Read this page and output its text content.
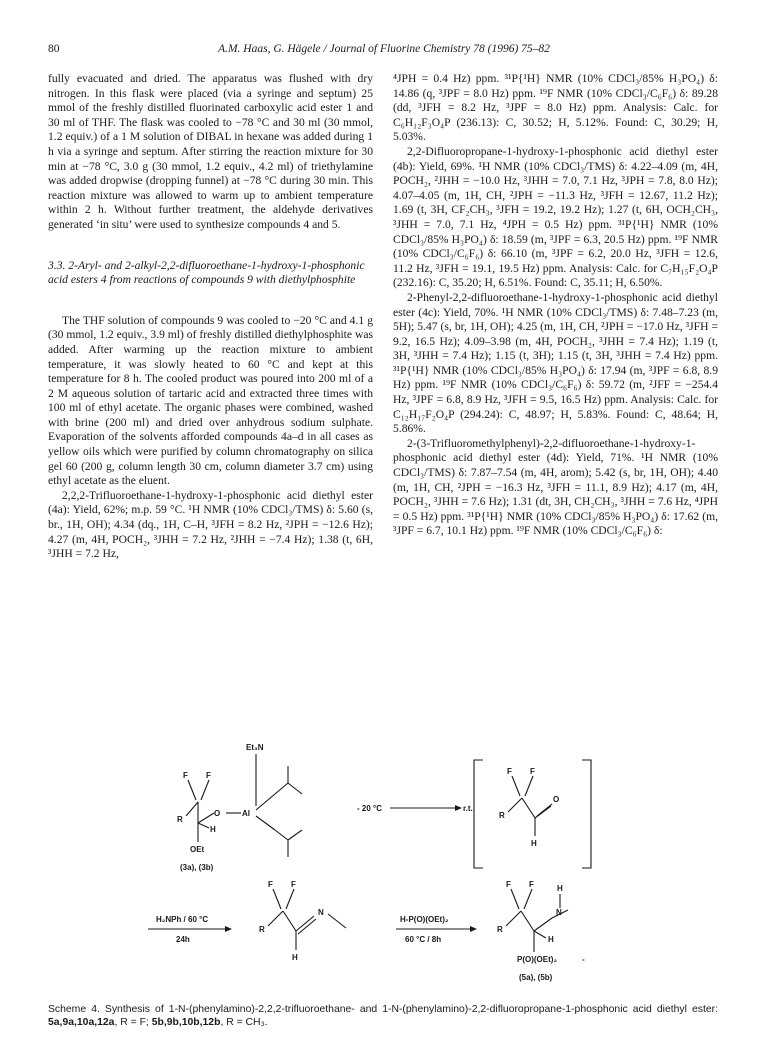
80	A.M. Haas, G. Hägele / Journal of Fluorine Chemistry 78 (1996) 75–82

fully evacuated and dried. The apparatus was flushed with dry nitrogen. In this flask were placed (via a syringe and septum) 25 mmol of the freshly distilled fluorinated carboxylic acid ester 1 and 30 ml of THF. The flask was cooled to −78 °C and 30 ml (30 mmol, 1.2 equiv.) of a 1 M solution of DIBAL in hexane was added during 1 h via a syringe and septum. After stirring the reaction mixture for 30 min at −78 °C, 3.0 g (30 mmol, 1.2 equiv., 4.2 ml) of triethylamine was added dropwise (dropping funnel) at −78 °C during 30 min. This reaction mixture was allowed to warm up to ambient temperature within 2 h. Without further treatment, the aldehyde derivatives generated ‘in situ’ were used to synthesize compounds 4 and 5.

3.3. 2-Aryl- and 2-alkyl-2,2-difluoroethane-1-hydroxy-1-phosphonic acid esters 4 from reactions of compounds 9 with diethylphosphite

The THF solution of compounds 9 was cooled to −20 °C and 4.1 g (30 mmol, 1.2 equiv., 3.9 ml) of freshly distilled diethylphosphite was added. After warming up the reaction mixture to ambient temperature, it was slowly heated to 60 °C and kept at this temperature for 8 h. The cooled product was poured into 200 ml of a 2 M aqueous solution of tartaric acid and extracted three times with 100 ml of ethyl acetate. The organic phases were combined, washed with brine (200 ml) and dried over anhydrous sodium sulphate. Evaporation of the solvents afforded compounds 4a–d in all cases as yellow oils which were purified by column chromatography on silica gel 60 (200 g, column length 30 cm, column diameter 3.7 cm) using ethyl acetate as the eluent.

2,2,2-Trifluoroethane-1-hydroxy-1-phosphonic acid diethyl ester (4a): Yield, 62%; m.p. 59 °C. ¹H NMR (10% CDCl₃/TMS) δ: 5.60 (s, br., 1H, OH); 4.34 (dq., 1H, C–H, ³JFH = 8.2 Hz, ²JPH = −12.6 Hz); 4.27 (m, 4H, POCH₂, ³JHH = 7.2 Hz, ²JHH = −7.4 Hz); 1.38 (t, 6H, ³JHH = 7.2 Hz,

⁴JPH = 0.4 Hz) ppm. ³¹P{¹H} NMR (10% CDCl₃/85% H₃PO₄) δ: 14.86 (q, ³JPF = 8.0 Hz) ppm. ¹⁹F NMR (10% CDCl₃/C₆F₆) δ: 89.28 (dd, ³JFH = 8.2 Hz, ³JPF = 8.0 Hz) ppm. Analysis: Calc. for C₆H₁₂F₃O₄P (236.13): C, 30.52; H, 5.12%. Found: C, 30.29; H, 5.03%.

2,2-Difluoropropane-1-hydroxy-1-phosphonic acid diethyl ester (4b): Yield, 69%. ¹H NMR (10% CDCl₃/TMS) δ: 4.22–4.09 (m, 4H, POCH₂, ²JHH = −10.0 Hz, ³JHH = 7.0, 7.1 Hz, ³JPH = 7.8, 8.0 Hz); 4.07–4.05 (m, 1H, CH, ²JPH = −11.3 Hz, ³JFH = 12.67, 11.2 Hz); 1.69 (t, 3H, CF₂CH₃, ³JFH = 19.2, 19.2 Hz); 1.27 (t, 6H, OCH₂CH₃, ³JHH = 7.0, 7.1 Hz, ⁴JPH = 0.5 Hz) ppm. ³¹P{¹H} NMR (10% CDCl₃/85% H₃PO₄) δ: 18.59 (m, ³JPF = 6.3, 20.5 Hz) ppm. ¹⁹F NMR (10% CDCl₃/C₆F₆) δ: 66.10 (m, ³JPF = 6.2, 20.0 Hz, ³JFH = 12.6, 11.2 Hz, ³JFH = 19.1, 19.5 Hz) ppm. Analysis: Calc. for C₇H₁₅F₂O₄P (232.16): C, 35.20; H, 6.51%. Found: C, 35.11; H, 6.50%.

2-Phenyl-2,2-difluoroethane-1-hydroxy-1-phosphonic acid diethyl ester (4c): Yield, 70%. ¹H NMR (10% CDCl₃/TMS) δ: 7.48–7.23 (m, 5H); 5.47 (s, br, 1H, OH); 4.25 (m, 1H, CH, ²JPH = −17.0 Hz, ³JFH = 9.2, 16.5 Hz); 4.09–3.98 (m, 4H, POCH₂, ³JHH = 7.4 Hz); 1.19 (t, 3H, ³JHH = 7.4 Hz); 1.15 (t, 3H); 1.15 (t, 3H, ³JHH = 7.4 Hz) ppm. ³¹P{¹H} NMR (10% CDCl₃/85% H₃PO₄) δ: 17.94 (m, ³JPF = 6.8, 8.9 Hz) ppm. ¹⁹F NMR (10% CDCl₃/C₆F₆) δ: 59.72 (m, ²JFF = −254.4 Hz, ³JPF = 6.8, 8.9 Hz, ³JFH = 9.5, 16.5 Hz) ppm. Analysis: Calc. for C₁₂H₁₇F₂O₄P (294.24): C, 48.97; H, 5.83%. Found: C, 48.64; H, 5.86%.

2-(3-Trifluoromethylphenyl)-2,2-difluoroethane-1-hydroxy-1-phosphonic acid diethyl ester (4d): Yield, 71%. ¹H NMR (10% CDCl₃/TMS) δ: 7.87–7.54 (m, 4H, arom); 5.42 (s, br, 1H, OH); 4.40 (m, 1H, CH, ²JPH = −16.3 Hz, ³JFH = 11.1, 8.9 Hz); 4.17 (m, 4H, POCH₂, ³JHH = 7.6 Hz); 1.31 (dt, 3H, CH₂CH₃, ³JHH = 7.6 Hz, ⁴JPH = 0.5 Hz) ppm. ³¹P{¹H} NMR (10% CDCl₃/85% H₃PO₄) δ: 17.62 (m, ³JPF = 6.7, 10.1 Hz) ppm. ¹⁹F NMR (10% CDCl₃/C₆F₆) δ:

Et₃N
F F
R
O	Al
H
OEt
(3a), (3b)
- 20 °C	r.t.
F F
R
O
H
H₂NPh / 60 °C
24h
F F
R
N
H
H-P(O)(OEt)₂
60 °C / 8h
F F
R
H
N
H
P(O)(OEt)₂
(5a), (5b)
-
Scheme 4. Synthesis of 1-N-(phenylamino)-2,2,2-trifluoroethane- and 1-N-(phenylamino)-2,2-difluoropropane-1-phosphonic acid diethyl ester: 5a,9a,10a,12a, R = F; 5b,9b,10b,12b, R = CH₃.
